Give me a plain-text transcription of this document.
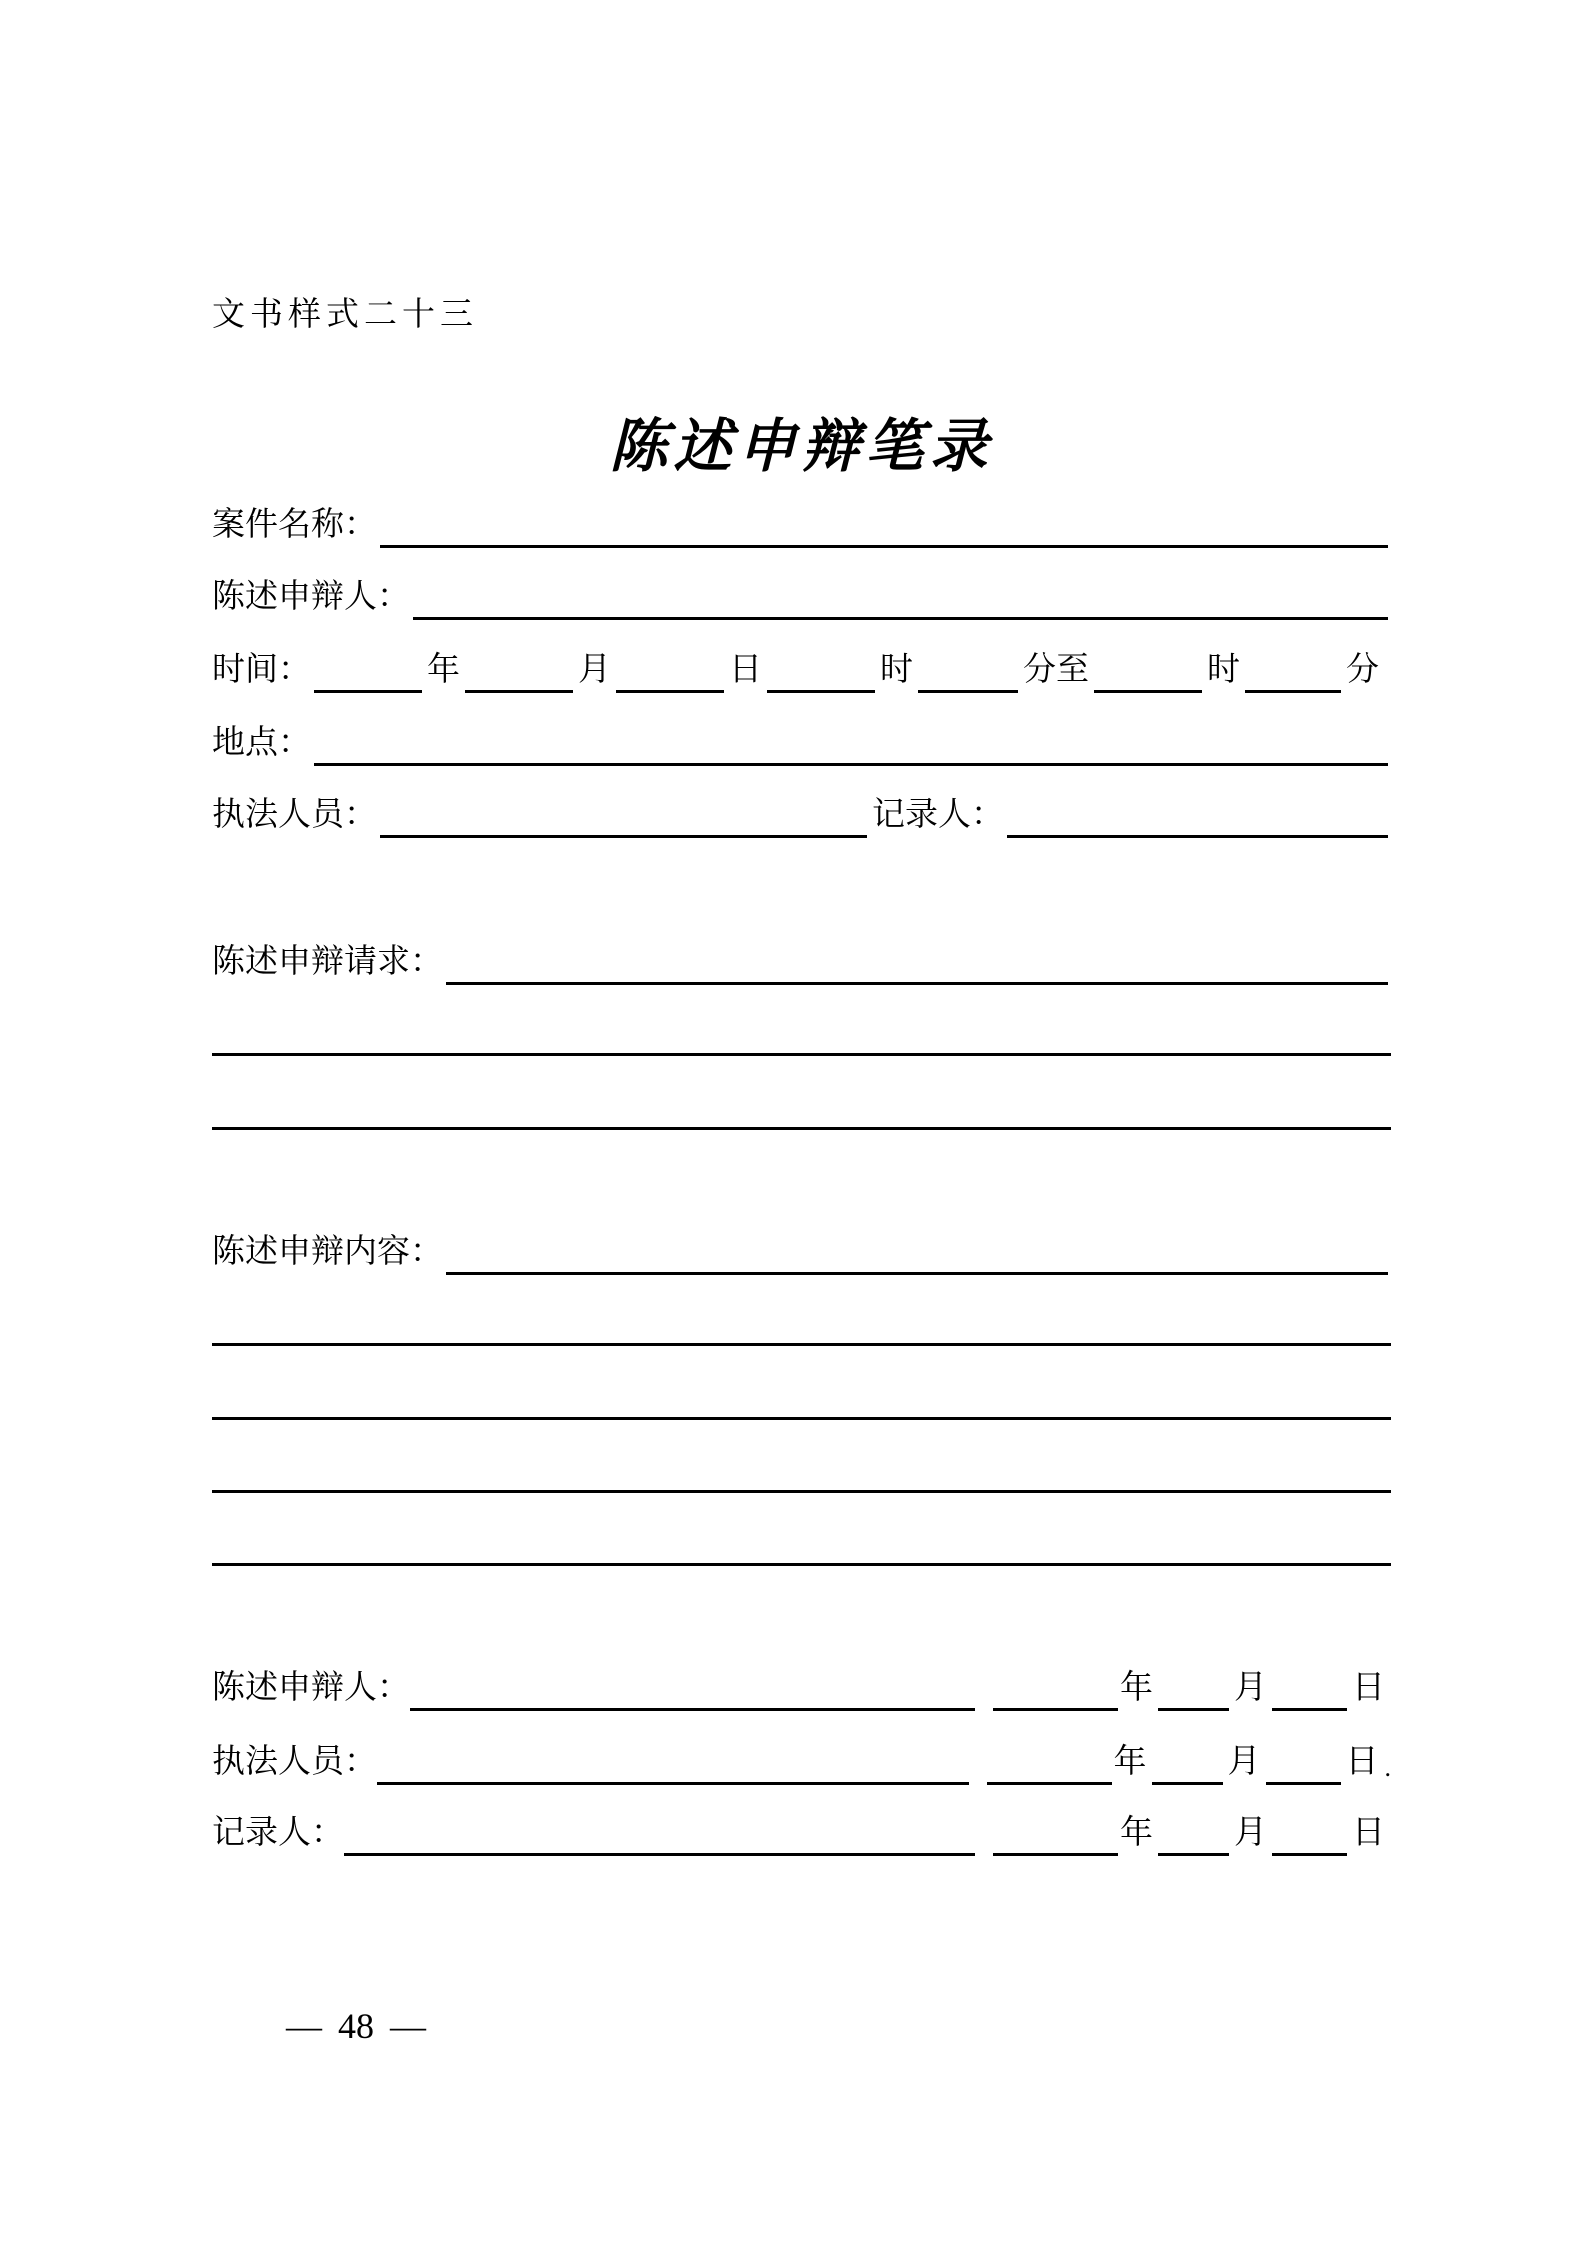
文书样式二十三
陈述申辩笔录
案件名称：
陈述申辩人：
时间：	年	月	日	时	分至	时	分
地点：
执法人员：	记录人：
陈述申辩请求：
陈述申辩内容：
陈述申辩人：	年 月	日
执法人员：	年 月	日 .
记录人：	年 月	日
— 48 —
